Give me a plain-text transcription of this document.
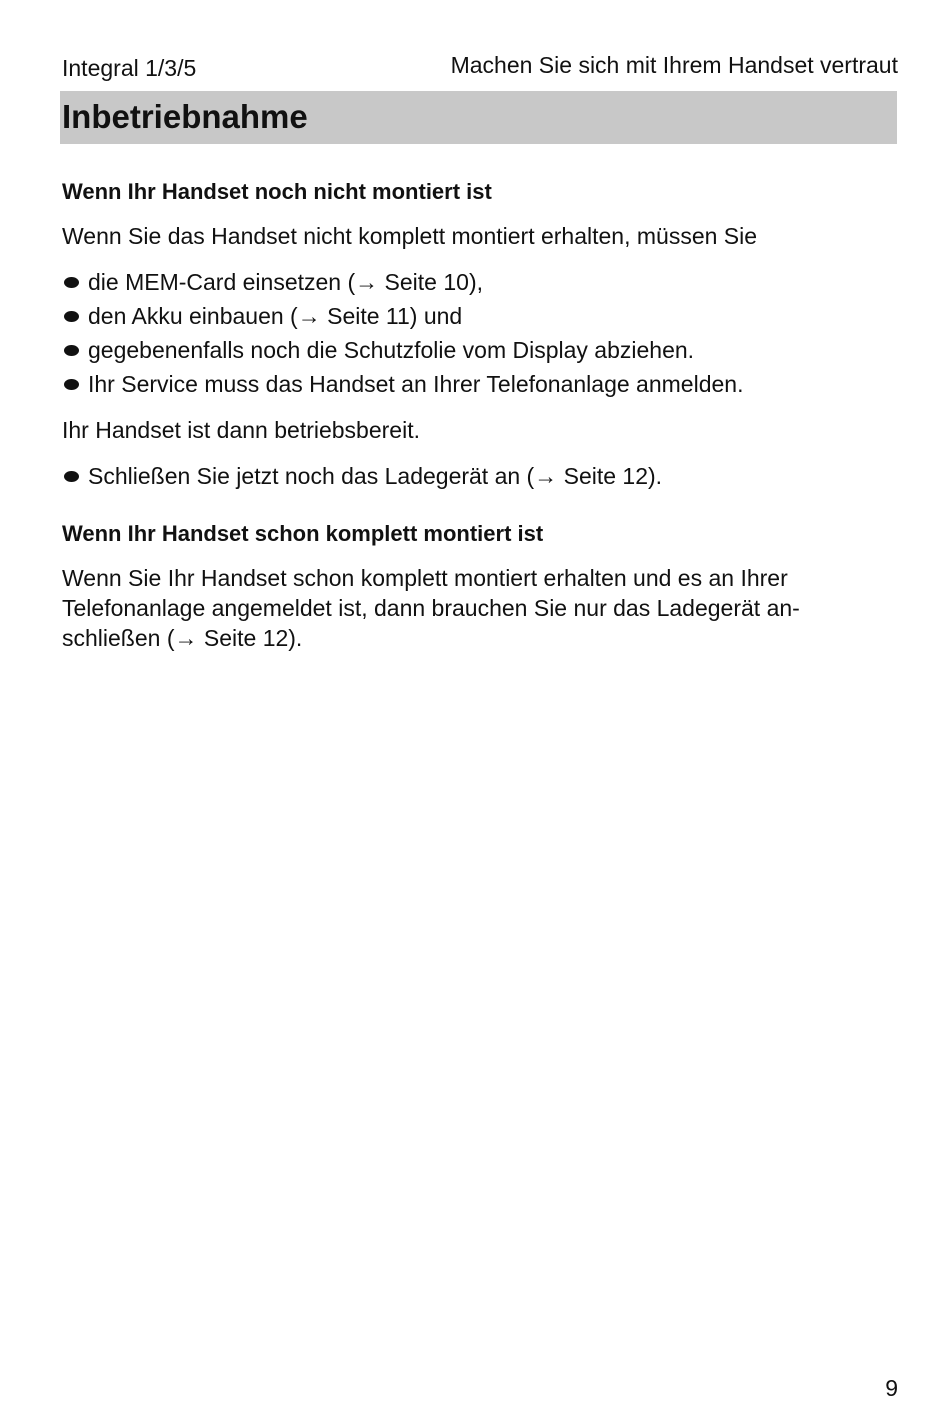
Integral 1/3/5	Machen Sie sich mit Ihrem Handset vertraut
Inbetriebnahme
Wenn Ihr Handset noch nicht montiert ist
Wenn Sie das Handset nicht komplett montiert erhalten, müssen Sie
die MEM-Card einsetzen (→ Seite 10),
den Akku einbauen (→ Seite 11) und
gegebenenfalls noch die Schutzfolie vom Display abziehen.
Ihr Service muss das Handset an Ihrer Telefonanlage anmelden.
Ihr Handset ist dann betriebsbereit.
Schließen Sie jetzt noch das Ladegerät an (→ Seite 12).
Wenn Ihr Handset schon komplett montiert ist
Wenn Sie Ihr Handset schon komplett montiert erhalten und es an Ihrer Telefonanlage angemeldet ist, dann brauchen Sie nur das Ladegerät an-schließen (→ Seite 12).
9
